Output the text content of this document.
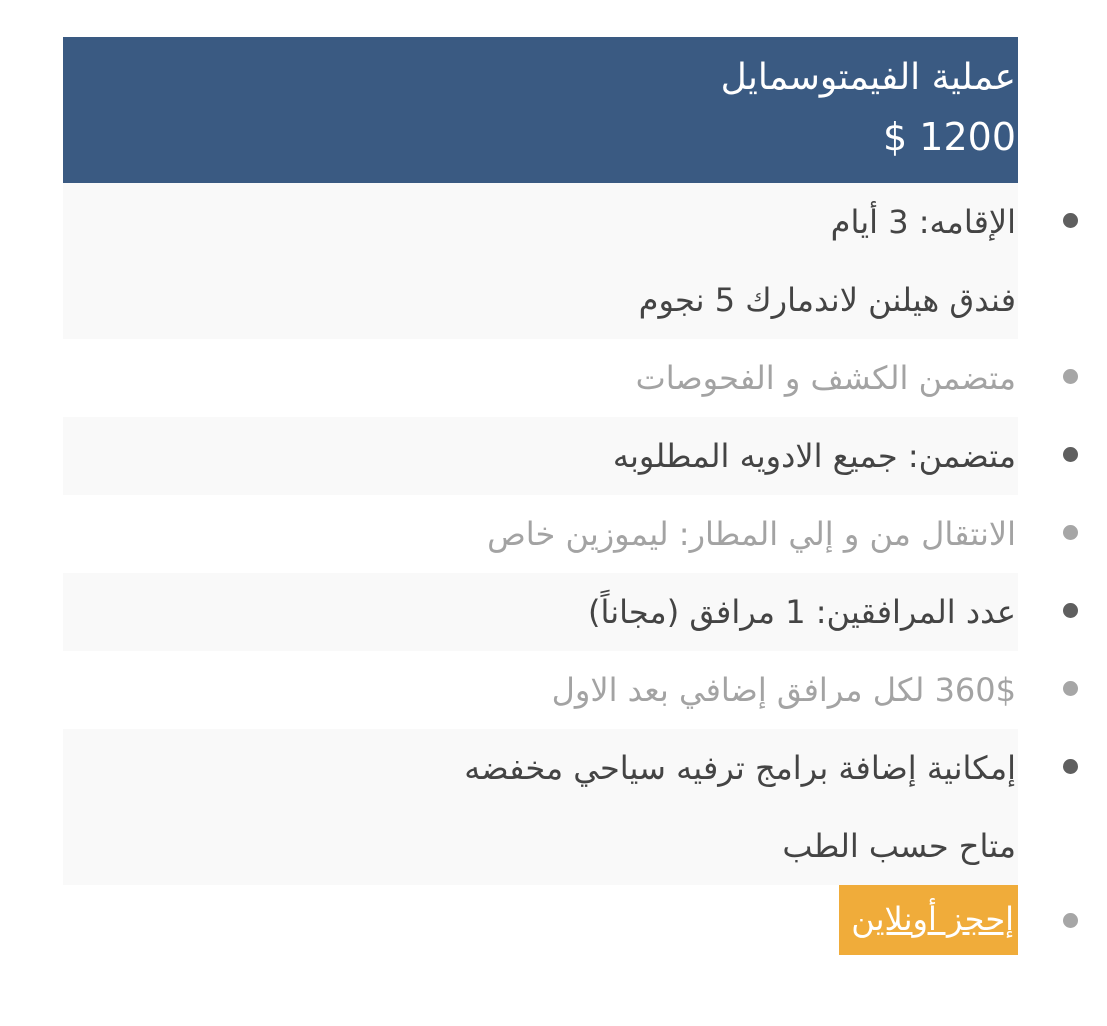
عملية الفيمتوسمايل
$ 1200
الإقامه: 3 أيام
فندق هيلنن لاندمارك 5 نجوم
متضمن الكشف و الفحوصات
متضمن: جميع الادويه المطلوبه
الانتقال من و إلي المطار: ليموزين خاص
عدد المرافقين: 1 مرافق (مجاناً)
360$ لكل مرافق إضافي بعد الاول
إمكانية إضافة برامج ترفيه سياحي مخفضه
متاح حسب الطب
إحجز أونلاين
